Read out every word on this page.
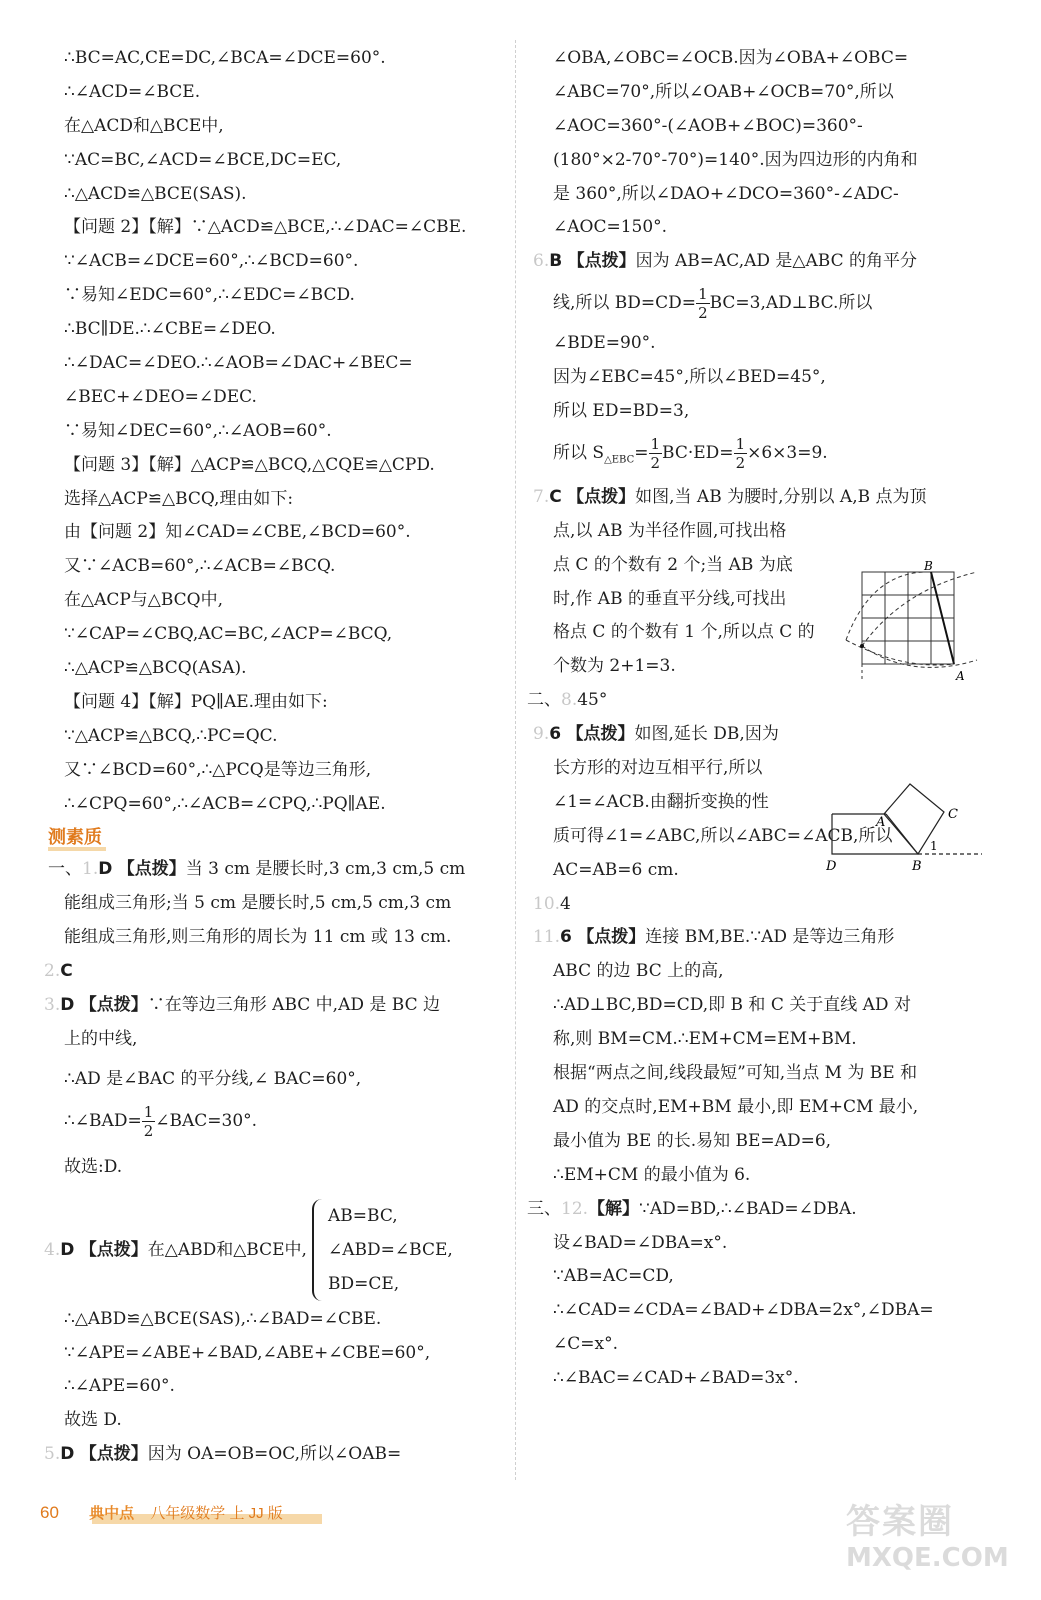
∴BC=AC,CE=DC,∠BCA=∠DCE=60°.
∴∠ACD=∠BCE.
在△ACD和△BCE中,
∵AC=BC,∠ACD=∠BCE,DC=EC,
∴△ACD≌△BCE(SAS).
【问题 2】【解】∵△ACD≌△BCE,∴∠DAC=∠CBE.
∵∠ACB=∠DCE=60°,∴∠BCD=60°.
∵易知∠EDC=60°,∴∠EDC=∠BCD.
∴BC∥DE.∴∠CBE=∠DEO.
∴∠DAC=∠DEO.∴∠AOB=∠DAC+∠BEC=
∠BEC+∠DEO=∠DEC.
∵易知∠DEC=60°,∴∠AOB=60°.
【问题 3】【解】△ACP≌△BCQ,△CQE≌△CPD.
选择△ACP≌△BCQ,理由如下:
由【问题 2】知∠CAD=∠CBE,∠BCD=60°.
又∵∠ACB=60°,∴∠ACB=∠BCQ.
在△ACP与△BCQ中,
∵∠CAP=∠CBQ,AC=BC,∠ACP=∠BCQ,
∴△ACP≌△BCQ(ASA).
【问题 4】【解】PQ∥AE.理由如下:
∵△ACP≌△BCQ,∴PC=QC.
又∵∠BCD=60°,∴△PCQ是等边三角形,
∴∠CPQ=60°,∴∠ACB=∠CPQ,∴PQ∥AE.
测素质
一、1.D 【点拨】当 3 cm 是腰长时,3 cm,3 cm,5 cm
能组成三角形;当 5 cm 是腰长时,5 cm,5 cm,3 cm
能组成三角形,则三角形的周长为 11 cm 或 13 cm.
2.C
3.D 【点拨】∵在等边三角形 ABC 中,AD 是 BC 边
上的中线,
∴AD 是∠BAC 的平分线,∠ BAC=60°,
∴∠BAD= $\frac{1}{2}$ ∠BAC=30°.
故选:D.
4.D 【点拨】在△ABD和△BCE中,
AB=BC,
∠ABD=∠BCE,
BD=CE,
∴△ABD≌△BCE(SAS),∴∠BAD=∠CBE.
∵∠APE=∠ABE+∠BAD,∠ABE+∠CBE=60°,
∴∠APE=60°.
故选 D.
5.D 【点拨】因为 OA=OB=OC,所以∠OAB=
∠OBA,∠OBC=∠OCB.因为∠OBA+∠OBC=
∠ABC=70°,所以∠OAB+∠OCB=70°,所以
∠AOC=360°-(∠AOB+∠BOC)=360°-
(180°×2-70°-70°)=140°.因为四边形的内角和
是 360°,所以∠DAO+∠DCO=360°-∠ADC-
∠AOC=150°.
6.B 【点拨】因为 AB=AC,AD 是△ABC 的角平分
线,所以 $BD=CD= \frac{1}{2}$ BC=3,AD⊥BC.所以
∠BDE=90°.
因为∠EBC=45°,所以∠BED=45°,
所以 ED=BD=3,
所以 $S_{\triangle EBC}= \frac{1}{2} BC\cdot ED= \frac{1}{2} \times 6\times 3=9$.
7.C 【点拨】如图,当 AB 为腰时,分别以 A,B 点为顶
点,以 AB 为半径作圆,可找出格
点 C 的个数有 2 个;当 AB 为底
时,作 AB 的垂直平分线,可找出
格点 C 的个数有 1 个,所以点 C 的
个数为 2+1=3.
二、8.45°
9.6 【点拨】如图,延长 DB,因为
长方形的对边互相平行,所以
∠1=∠ACB.由翻折变换的性
质可得∠1=∠ABC,所以∠ABC=∠ACB,所以
AC=AB=6 cm.
10.4
11.6 【点拨】连接 BM,BE.∵AD 是等边三角形
ABC 的边 BC 上的高,
∴AD⊥BC,BD=CD,即 B 和 C 关于直线 AD 对
称,则 BM=CM.∴EM+CM=EM+BM.
根据“两点之间,线段最短”可知,当点 M 为 BE 和
AD 的交点时,EM+BM 最小,即 EM+CM 最小,
最小值为 BE 的长.易知 BE=AD=6,
∴EM+CM 的最小值为 6.
三、12.【解】∵AD=BD,∴∠BAD=∠DBA.
设∠BAD=∠DBA=x°.
∵AB=AC=CD,
∴∠CAD=∠CDA=∠BAD+∠DBA=2x°,∠DBA=
∠C=x°.
∴∠BAC=∠CAD+∠BAD=3x°.
B
A
D
A
B
C
1
60 典中点 八年级数学 上 JJ 版	答案圈
MXQE.COM
